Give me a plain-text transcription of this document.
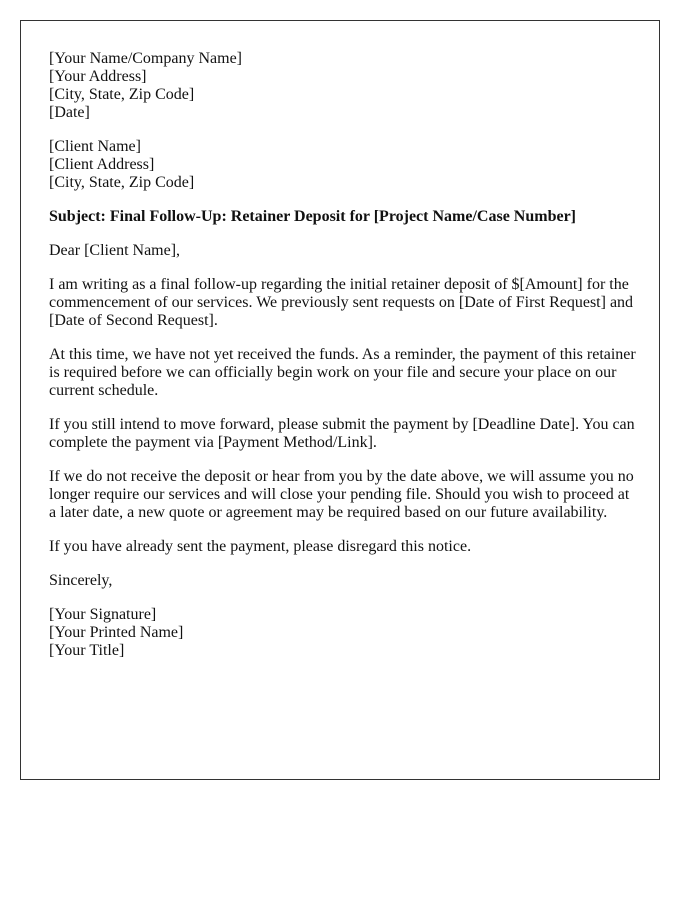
[Your Name/Company Name]
[Your Address]
[City, State, Zip Code]
[Date]
[Client Name]
[Client Address]
[City, State, Zip Code]

Subject: Final Follow-Up: Retainer Deposit for [Project Name/Case Number]

Dear [Client Name],

I am writing as a final follow-up regarding the initial retainer deposit of $[Amount] for the commencement of our services. We previously sent requests on [Date of First Request] and [Date of Second Request].

At this time, we have not yet received the funds. As a reminder, the payment of this retainer is required before we can officially begin work on your file and secure your place on our current schedule.

If you still intend to move forward, please submit the payment by [Deadline Date]. You can complete the payment via [Payment Method/Link].

If we do not receive the deposit or hear from you by the date above, we will assume you no longer require our services and will close your pending file. Should you wish to proceed at a later date, a new quote or agreement may be required based on our future availability.

If you have already sent the payment, please disregard this notice.

Sincerely,

[Your Signature]
[Your Printed Name]
[Your Title]
